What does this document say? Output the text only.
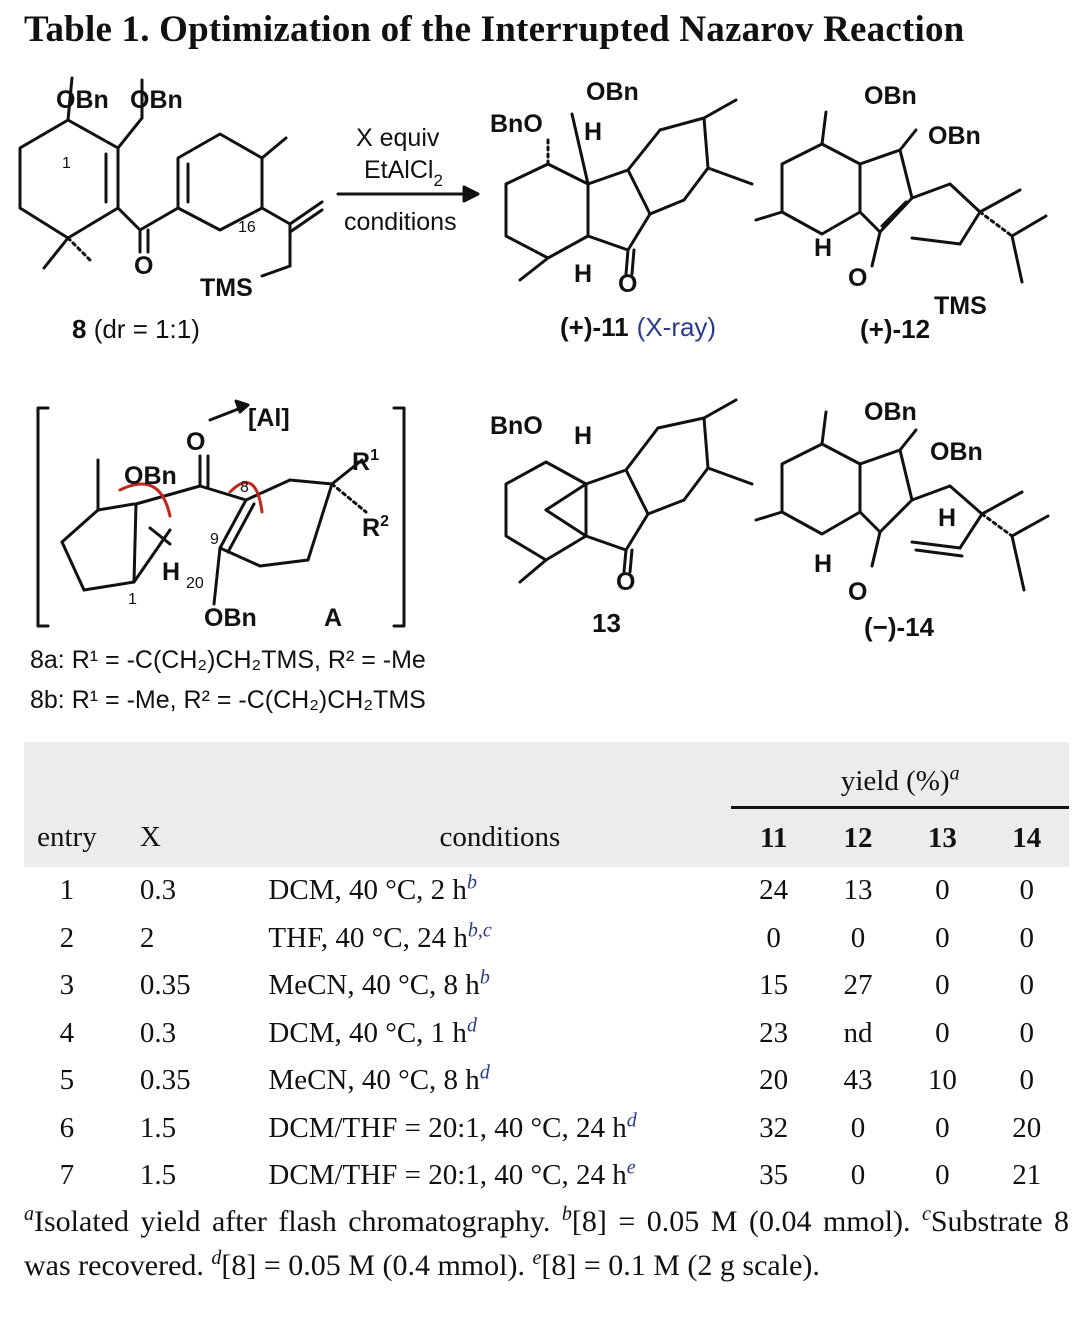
Table 1. Optimization of the Interrupted Nazarov Reaction
OBn OBn
1
16
O
TMS
8 (dr = 1:1)
X equiv
EtAlCl$_2$
conditions
OBn
BnO H
H O
(+)-11 (X-ray)
OBn
OBn
H
O
TMS
(+)-12
[Al]
O
OBn	8
9
H 20
1
OBn	A
$R^1$
$R^2$
BnO H
O
13
OBn
OBn
H
H
O
(−)-14
8a: R¹ = -C(CH₂)CH₂TMS, R² = -Me
8b: R¹ = -Me, R² = -C(CH₂)CH₂TMS
			yield (%)$^a$
entry	X	conditions	11	12	13	14
1	0.3	DCM, 40 °C, 2 $h^b$	24	13	0	0
2	2	THF, 40 °C, 24 $h^{b,c}$	0	0	0	0
3	0.35	MeCN, 40 °C, 8 $h^b$	15	27	0	0
4	0.3	DCM, 40 °C, 1 $h^d$	23	nd	0	0
5	0.35	MeCN, 40 °C, 8 $h^d$	20	43	10	0
6	1.5	DCM/THF = 20:1, 40 °C, 24 $h^d$	32	0	0	20
7	1.5	DCM/THF = 20:1, 40 °C, 24 $h^e$	35	0	0	21
$^a$Isolated yield after flash chromatography. $^b$[8] = 0.05 M (0.04 mmol). $^c$Substrate 8 was recovered. $^d$[8] = 0.05 M (0.4 mmol). $^e$[8] = 0.1 M (2 g scale).
